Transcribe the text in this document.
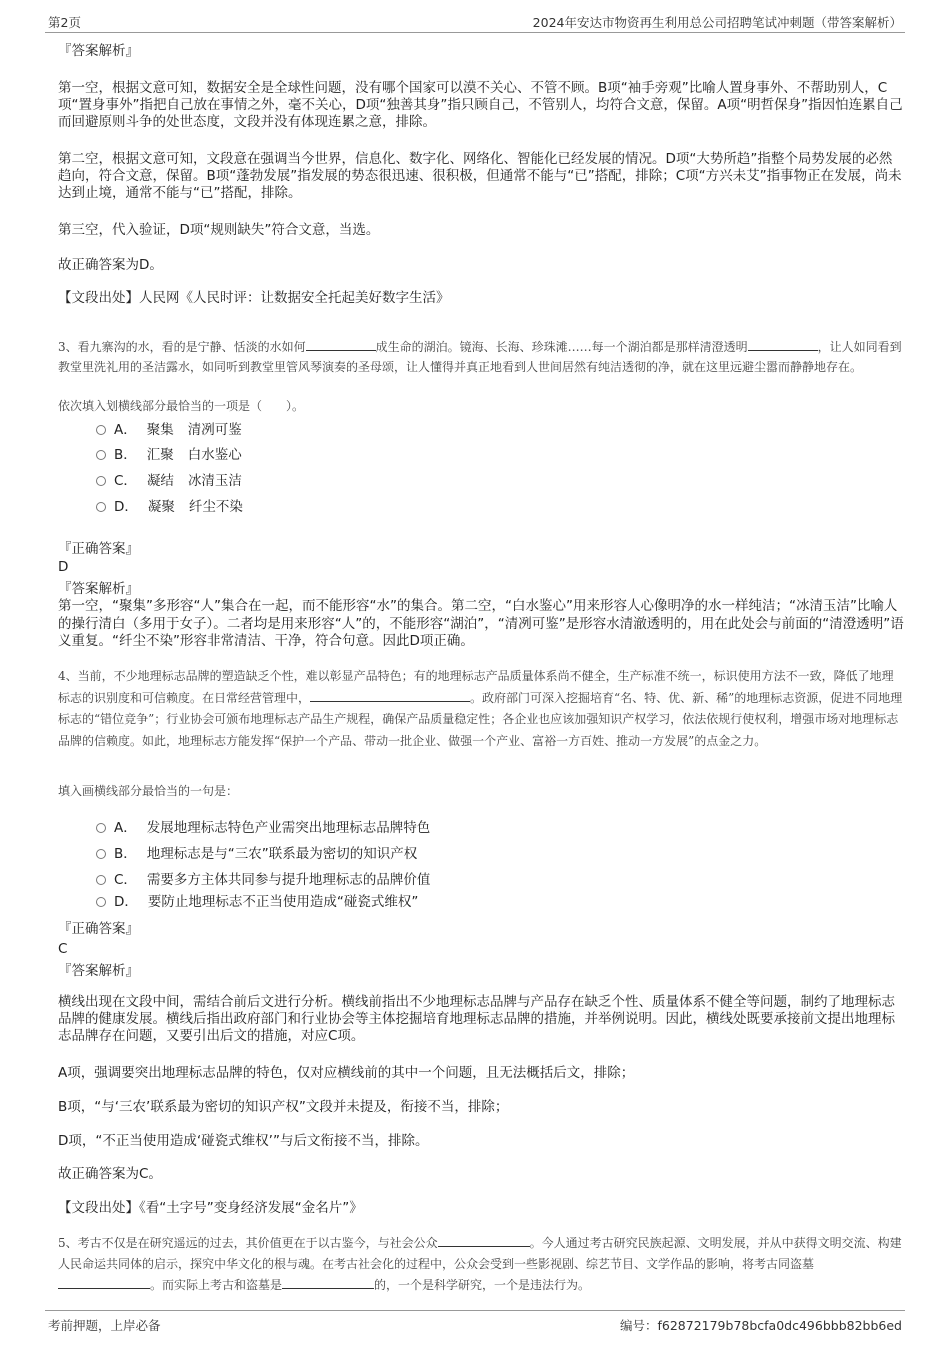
第2页	2024年安达市物资再生利用总公司招聘笔试冲刺题（带答案解析）
『答案解析』
第一空，根据文意可知，数据安全是全球性问题，没有哪个国家可以漠不关心、不管不顾。B项“袖手旁观”比喻人置身事外、不帮助别人，C项“置身事外”指把自己放在事情之外，毫不关心，D项“独善其身”指只顾自己，不管别人，均符合文意，保留。A项“明哲保身”指因怕连累自己而回避原则斗争的处世态度，文段并没有体现连累之意，排除。
第二空，根据文意可知，文段意在强调当今世界，信息化、数字化、网络化、智能化已经发展的情况。D项“大势所趋”指整个局势发展的必然趋向，符合文意，保留。B项“蓬勃发展”指发展的势态很迅速、很积极，但通常不能与“已”搭配，排除；C项“方兴未艾”指事物正在发展，尚未达到止境，通常不能与“已”搭配，排除。
第三空，代入验证，D项“规则缺失”符合文意，当选。
故正确答案为D。
【文段出处】人民网《人民时评：让数据安全托起美好数字生活》
3、看九寨沟的水，看的是宁静、恬淡的水如何	成生命的湖泊。镜海、长海、珍珠滩……每一个湖泊都是那样清澄透明	，让人如同看到教堂里洗礼用的圣洁露水，如同听到教堂里管风琴演奏的圣母颂，让人懂得并真正地看到人世间居然有纯洁透彻的净，就在这里远避尘嚣而静静地存在。
依次填入划横线部分最恰当的一项是（　　）。
A． 聚集 清冽可鉴
B． 汇聚 白水鉴心
C． 凝结 冰清玉洁
D． 凝聚 纤尘不染
『正确答案』
D
『答案解析』
第一空，“聚集”多形容“人”集合在一起，而不能形容“水”的集合。第二空，“白水鉴心”用来形容人心像明净的水一样纯洁；“冰清玉洁”比喻人的操行清白（多用于女子）。二者均是用来形容“人”的，不能形容“湖泊”，“清冽可鉴”是形容水清澈透明的，用在此处会与前面的“清澄透明”语义重复。“纤尘不染”形容非常清洁、干净，符合句意。因此D项正确。
4、当前，不少地理标志品牌的塑造缺乏个性，难以彰显产品特色；有的地理标志产品质量体系尚不健全，生产标准不统一，标识使用方法不一致，降低了地理标志的识别度和可信赖度。在日常经营管理中，	。政府部门可深入挖掘培育“名、特、优、新、稀”的地理标志资源，促进不同地理标志的“错位竞争”；行业协会可颁布地理标志产品生产规程，确保产品质量稳定性；各企业也应该加强知识产权学习，依法依规行使权利，增强市场对地理标志品牌的信赖度。如此，地理标志方能发挥“保护一个产品、带动一批企业、做强一个产业、富裕一方百姓、推动一方发展”的点金之力。
填入画横线部分最恰当的一句是：
A． 发展地理标志特色产业需突出地理标志品牌特色
B． 地理标志是与“三农”联系最为密切的知识产权
C． 需要多方主体共同参与提升地理标志的品牌价值
D． 要防止地理标志不正当使用造成“碰瓷式维权”
『正确答案』
C
『答案解析』
横线出现在文段中间，需结合前后文进行分析。横线前指出不少地理标志品牌与产品存在缺乏个性、质量体系不健全等问题，制约了地理标志品牌的健康发展。横线后指出政府部门和行业协会等主体挖掘培育地理标志品牌的措施，并举例说明。因此，横线处既要承接前文提出地理标志品牌存在问题，又要引出后文的措施，对应C项。
A项，强调要突出地理标志品牌的特色，仅对应横线前的其中一个问题，且无法概括后文，排除；
B项，“与‘三农’联系最为密切的知识产权”文段并未提及，衔接不当，排除；
D项，“不正当使用造成‘碰瓷式维权’”与后文衔接不当，排除。
故正确答案为C。
【文段出处】《看“土字号”变身经济发展“金名片”》
5、考古不仅是在研究遥远的过去，其价值更在于以古鉴今，与社会公众	。今人通过考古研究民族起源、文明发展，并从中获得文明交流、构建人民命运共同体的启示，探究中华文化的根与魂。在考古社会化的过程中，公众会受到一些影视剧、综艺节目、文学作品的影响，将考古同盗墓。而实际上考古和盗墓是	的，一个是科学研究，一个是违法行为。
考前押题，上岸必备	编号：f62872179b78bcfa0dc496bbb82bb6ed
